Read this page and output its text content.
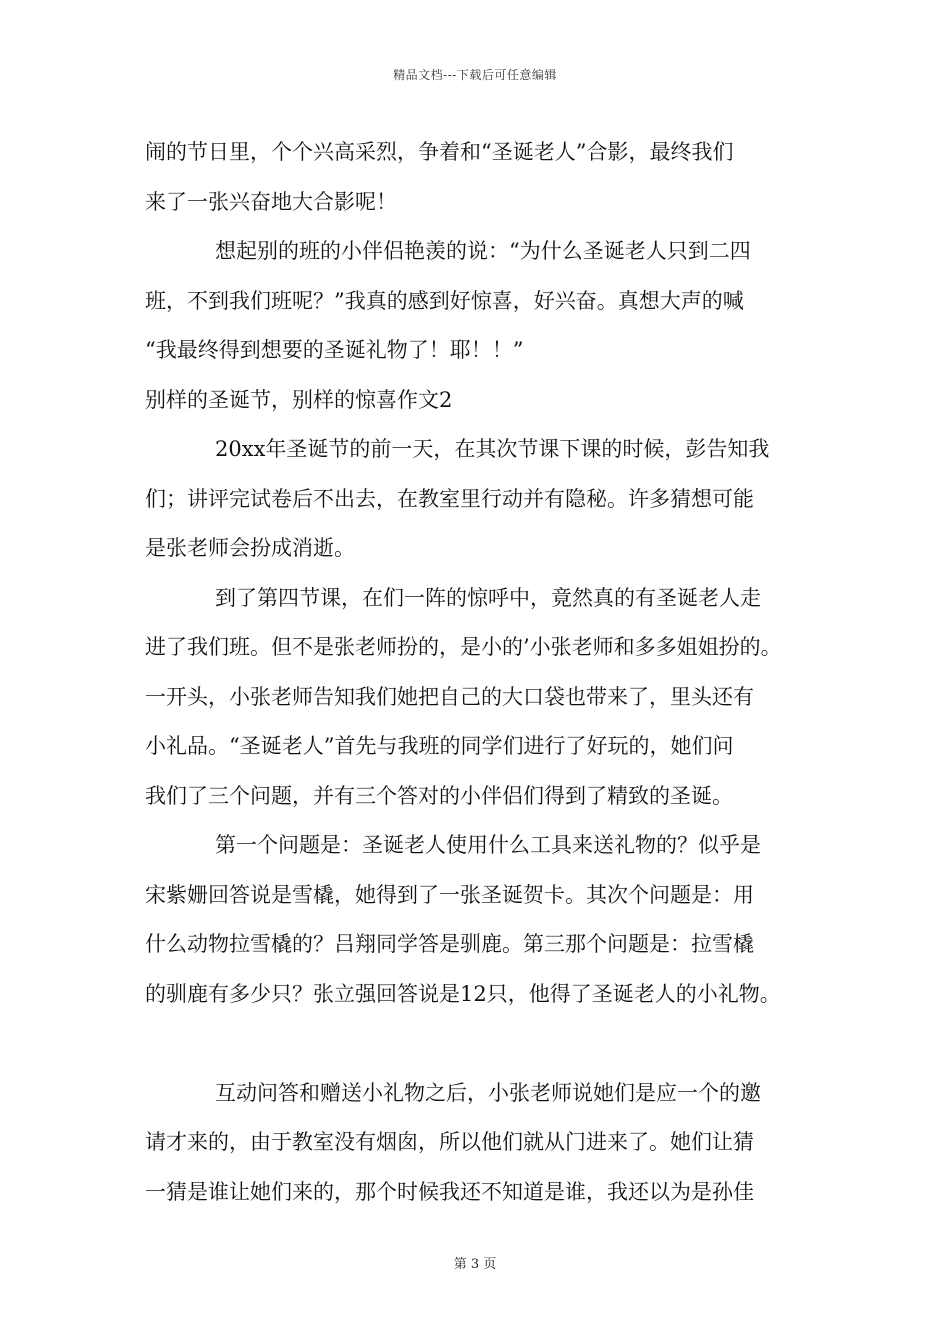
精品文档---下载后可任意编辑
闹的节日里，个个兴高采烈，争着和“圣诞老人”合影，最终我们
来了一张兴奋地大合影呢！
想起别的班的小伴侣艳羡的说：“为什么圣诞老人只到二四
班，不到我们班呢？”我真的感到好惊喜，好兴奋。真想大声的喊
“我最终得到想要的圣诞礼物了！耶！！”
别样的圣诞节，别样的惊喜作文2
20xx年圣诞节的前一天，在其次节课下课的时候，彭告知我
们；讲评完试卷后不出去，在教室里行动并有隐秘。许多猜想可能
是张老师会扮成消逝。
到了第四节课，在们一阵的惊呼中，竟然真的有圣诞老人走
进了我们班。但不是张老师扮的，是小的’小张老师和多多姐姐扮的。
一开头，小张老师告知我们她把自己的大口袋也带来了，里头还有
小礼品。“圣诞老人”首先与我班的同学们进行了好玩的，她们问
我们了三个问题，并有三个答对的小伴侣们得到了精致的圣诞。
第一个问题是：圣诞老人使用什么工具来送礼物的？似乎是
宋紫姗回答说是雪橇，她得到了一张圣诞贺卡。其次个问题是：用
什么动物拉雪橇的？吕翔同学答是驯鹿。第三那个问题是：拉雪橇
的驯鹿有多少只？张立强回答说是12只，他得了圣诞老人的小礼物。
互动问答和赠送小礼物之后，小张老师说她们是应一个的邀
请才来的，由于教室没有烟囱，所以他们就从门进来了。她们让猜
一猜是谁让她们来的，那个时候我还不知道是谁，我还以为是孙佳
第 3 页
